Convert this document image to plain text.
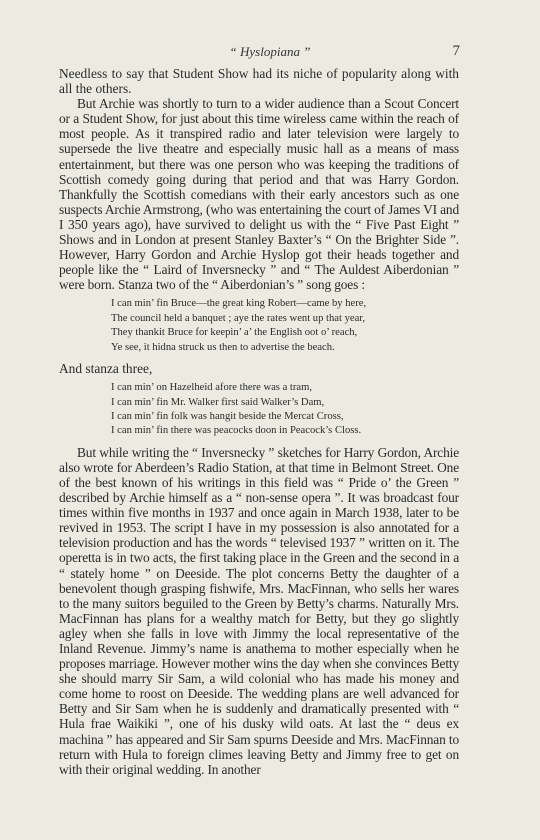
“ Hyslopiana ”	7

Needless to say that Student Show had its niche of popularity along with all the others.

But Archie was shortly to turn to a wider audience than a Scout Concert or a Student Show, for just about this time wireless came within the reach of most people. As it transpired radio and later television were largely to supersede the live theatre and especially music hall as a means of mass entertainment, but there was one person who was keeping the traditions of Scottish comedy going during that period and that was Harry Gordon. Thankfully the Scottish comedians with their early ancestors such as one suspects Archie Armstrong, (who was entertaining the court of James VI and I 350 years ago), have survived to delight us with the “ Five Past Eight ” Shows and in London at present Stanley Baxter’s “ On the Brighter Side ”. However, Harry Gordon and Archie Hyslop got their heads together and people like the “ Laird of Inversnecky ” and “ The Auldest Aiberdonian ” were born. Stanza two of the “ Aiberdonian’s ” song goes :

I can min’ fin Bruce—the great king Robert—came by here,
The council held a banquet ; aye the rates went up that year,
They thankit Bruce for keepin’ a’ the English oot o’ reach,
Ye see, it hidna struck us then to advertise the beach.

And stanza three,

I can min’ on Hazelheid afore there was a tram,
I can min’ fin Mr. Walker first said Walker’s Dam,
I can min’ fin folk was hangit beside the Mercat Cross,
I can min’ fin there was peacocks doon in Peacock’s Closs.

But while writing the “ Inversnecky ” sketches for Harry Gordon, Archie also wrote for Aberdeen’s Radio Station, at that time in Belmont Street. One of the best known of his writings in this field was “ Pride o’ the Green ” described by Archie himself as a “ non-sense opera ”. It was broadcast four times within five months in 1937 and once again in March 1938, later to be revived in 1953. The script I have in my possession is also annotated for a television production and has the words “ televised 1937 ” written on it. The operetta is in two acts, the first taking place in the Green and the second in a “ stately home ” on Deeside. The plot concerns Betty the daughter of a benevolent though grasping fishwife, Mrs. MacFinnan, who sells her wares to the many suitors beguiled to the Green by Betty’s charms. Naturally Mrs. MacFinnan has plans for a wealthy match for Betty, but they go slightly agley when she falls in love with Jimmy the local representative of the Inland Revenue. Jimmy’s name is anathema to mother especially when he proposes marriage. However mother wins the day when she convinces Betty she should marry Sir Sam, a wild colonial who has made his money and come home to roost on Deeside. The wedding plans are well advanced for Betty and Sir Sam when he is suddenly and dramatically presented with “ Hula frae Waikiki ”, one of his dusky wild oats. At last the “ deus ex machina ” has appeared and Sir Sam spurns Deeside and Mrs. MacFinnan to return with Hula to foreign climes leaving Betty and Jimmy free to get on with their original wedding. In another
